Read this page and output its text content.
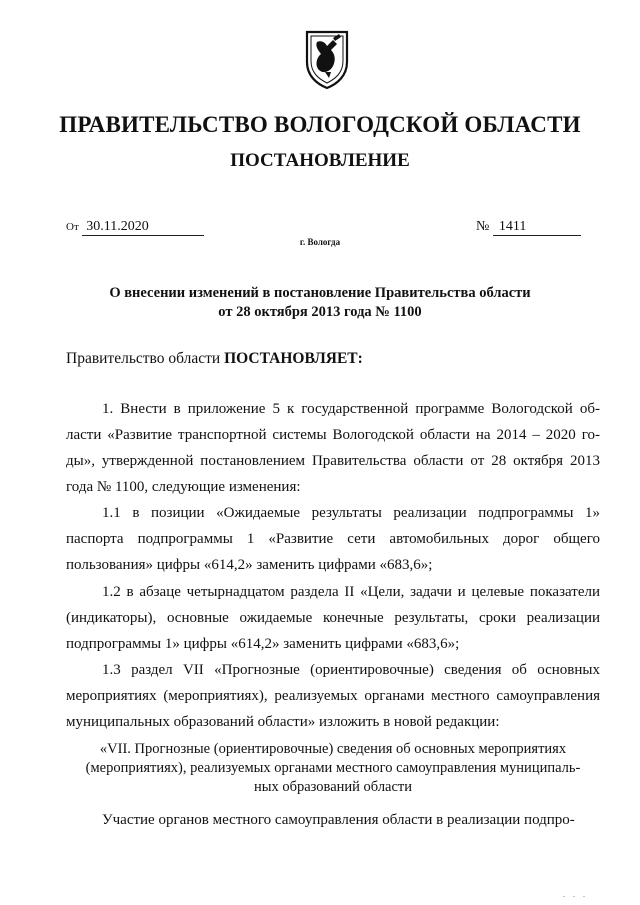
ПРАВИТЕЛЬСТВО ВОЛОГОДСКОЙ ОБЛАСТИ
ПОСТАНОВЛЕНИЕ
От 30.11.2020	№ 1411
г. Вологда
О внесении изменений в постановление Правительства области
от 28 октября 2013 года № 1100
Правительство области ПОСТАНОВЛЯЕТ:
1. Внести в приложение 5 к государственной программе Вологодской об-ласти «Развитие транспортной системы Вологодской области на 2014 – 2020 го-ды», утвержденной постановлением Правительства области от 28 октября 2013 года № 1100, следующие изменения:
1.1 в позиции «Ожидаемые результаты реализации подпрограммы 1» паспорта подпрограммы 1 «Развитие сети автомобильных дорог общего пользования» цифры «614,2» заменить цифрами «683,6»;
1.2 в абзаце четырнадцатом раздела II «Цели, задачи и целевые показатели (индикаторы), основные ожидаемые конечные результаты, сроки реализации подпрограммы 1» цифры «614,2» заменить цифрами «683,6»;
1.3 раздел VII «Прогнозные (ориентировочные) сведения об основных мероприятиях (мероприятиях), реализуемых органами местного самоуправления муниципальных образований области» изложить в новой редакции:
«VII. Прогнозные (ориентировочные) сведения об основных мероприятиях
(мероприятиях), реализуемых органами местного самоуправления муниципаль-
ных образований области
Участие органов местного самоуправления области в реализации подпро-
. . .
